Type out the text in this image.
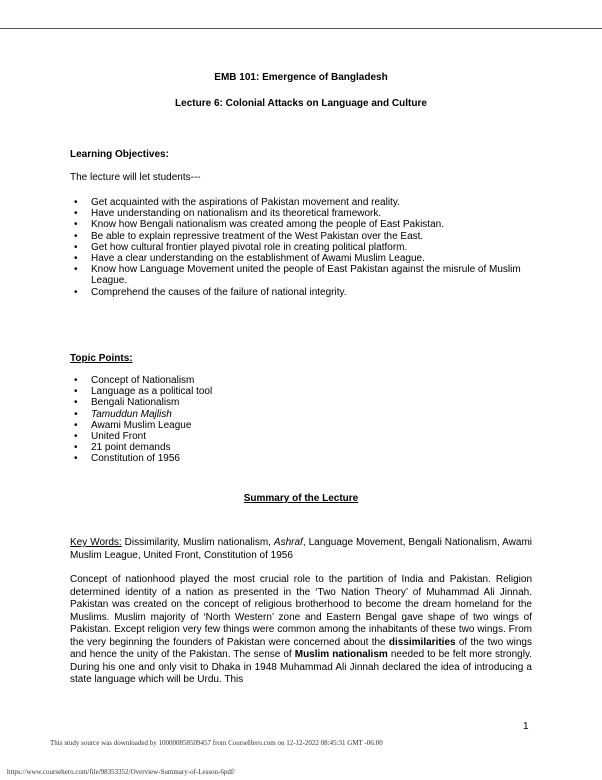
EMB 101: Emergence of Bangladesh
Lecture 6: Colonial Attacks on Language and Culture
Learning Objectives:
The lecture will let students---
• Get acquainted with the aspirations of Pakistan movement and reality.
• Have understanding on nationalism and its theoretical framework.
• Know how Bengali nationalism was created among the people of East Pakistan.
• Be able to explain repressive treatment of the West Pakistan over the East.
• Get how cultural frontier played pivotal role in creating political platform.
• Have a clear understanding on the establishment of Awami Muslim League.
• Know how Language Movement united the people of East Pakistan against the misrule of Muslim League.
• Comprehend the causes of the failure of national integrity.
Topic Points:
• Concept of Nationalism
• Language as a political tool
• Bengali Nationalism
• Tamuddun Majlish
• Awami Muslim League
• United Front
• 21 point demands
• Constitution of 1956
Summary of the Lecture
Key Words: Dissimilarity, Muslim nationalism, Ashraf, Language Movement, Bengali Nationalism, Awami Muslim League, United Front, Constitution of 1956
Concept of nationhood played the most crucial role to the partition of India and Pakistan. Religion determined identity of a nation as presented in the ‘Two Nation Theory’ of Muhammad Ali Jinnah. Pakistan was created on the concept of religious brotherhood to become the dream homeland for the Muslims. Muslim majority of ‘North Western’ zone and Eastern Bengal gave shape of two wings of Pakistan. Except religion very few things were common among the inhabitants of these two wings. From the very beginning the founders of Pakistan were concerned about the dissimilarities of the two wings and hence the unity of the Pakistan. The sense of Muslim nationalism needed to be felt more strongly. During his one and only visit to Dhaka in 1948 Muhammad Ali Jinnah declared the idea of introducing a state language which will be Urdu. This
1
This study source was downloaded by 100000858509457 from CourseHero.com on 12-12-2022 08:45:31 GMT -06:00
https://www.coursehero.com/file/98353352/Overview-Summary-of-Lesson-6pdf/
